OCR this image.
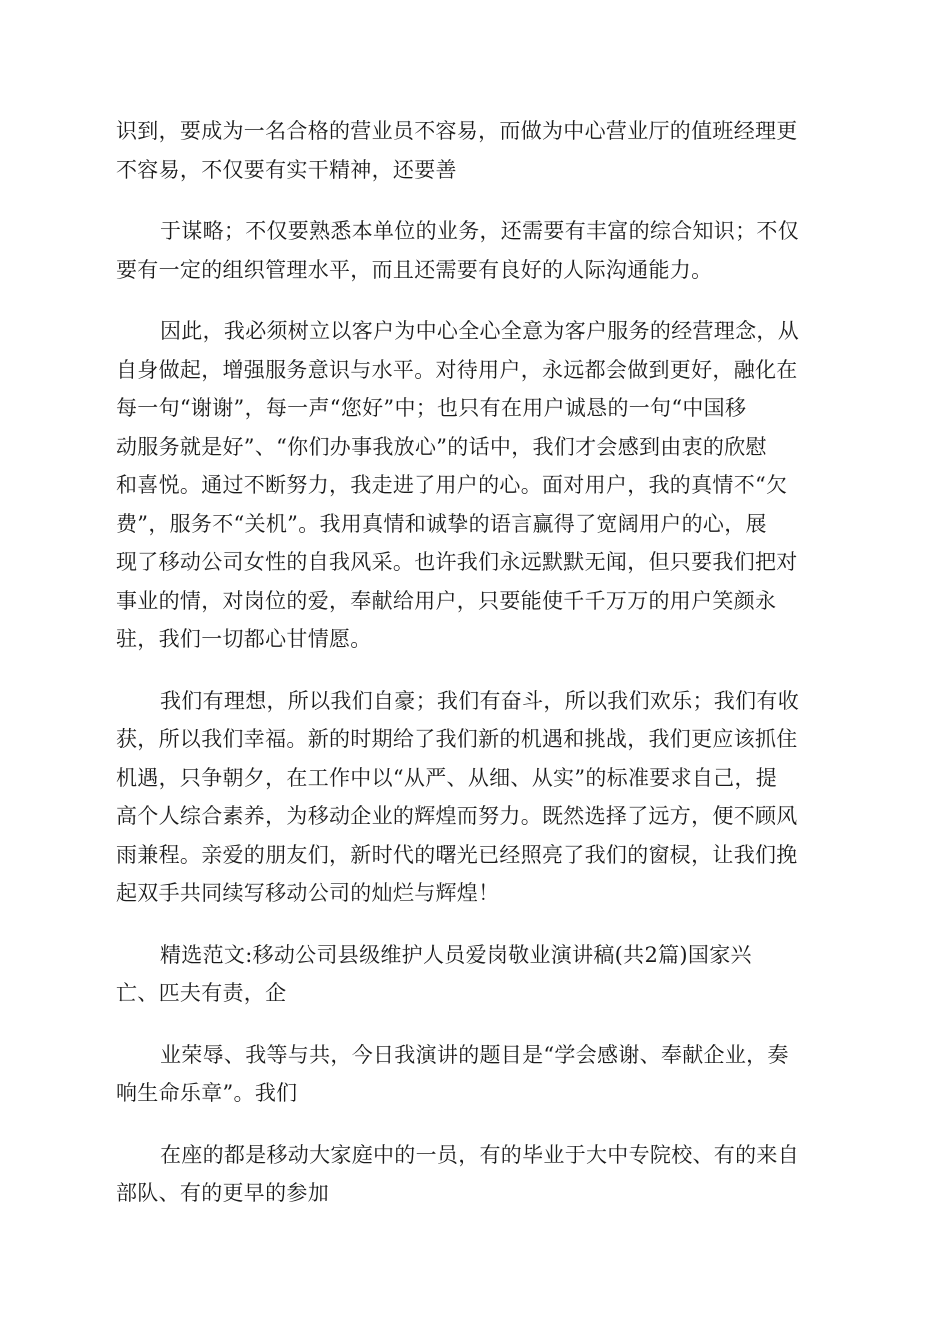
识到，要成为一名合格的营业员不容易，而做为中心营业厅的值班经理更
不容易，不仅要有实干精神，还要善
于谋略；不仅要熟悉本单位的业务，还需要有丰富的综合知识；不仅
要有一定的组织管理水平，而且还需要有良好的人际沟通能力。
因此，我必须树立以客户为中心全心全意为客户服务的经营理念，从
自身做起，增强服务意识与水平。对待用户，永远都会做到更好，融化在
每一句“谢谢”，每一声“您好”中；也只有在用户诚恳的一句“中国移
动服务就是好”、“你们办事我放心”的话中，我们才会感到由衷的欣慰
和喜悦。通过不断努力，我走进了用户的心。面对用户，我的真情不“欠
费”，服务不“关机”。我用真情和诚挚的语言赢得了宽阔用户的心，展
现了移动公司女性的自我风采。也许我们永远默默无闻，但只要我们把对
事业的情，对岗位的爱，奉献给用户，只要能使千千万万的用户笑颜永
驻，我们一切都心甘情愿。
我们有理想，所以我们自豪；我们有奋斗，所以我们欢乐；我们有收
获，所以我们幸福。新的时期给了我们新的机遇和挑战，我们更应该抓住
机遇，只争朝夕，在工作中以“从严、从细、从实”的标准要求自己，提
高个人综合素养，为移动企业的辉煌而努力。既然选择了远方，便不顾风
雨兼程。亲爱的朋友们，新时代的曙光已经照亮了我们的窗棂，让我们挽
起双手共同续写移动公司的灿烂与辉煌！
精选范文:移动公司县级维护人员爱岗敬业演讲稿(共2篇)国家兴
亡、匹夫有责，企
业荣辱、我等与共，今日我演讲的题目是“学会感谢、奉献企业，奏
响生命乐章”。我们
在座的都是移动大家庭中的一员，有的毕业于大中专院校、有的来自
部队、有的更早的参加
